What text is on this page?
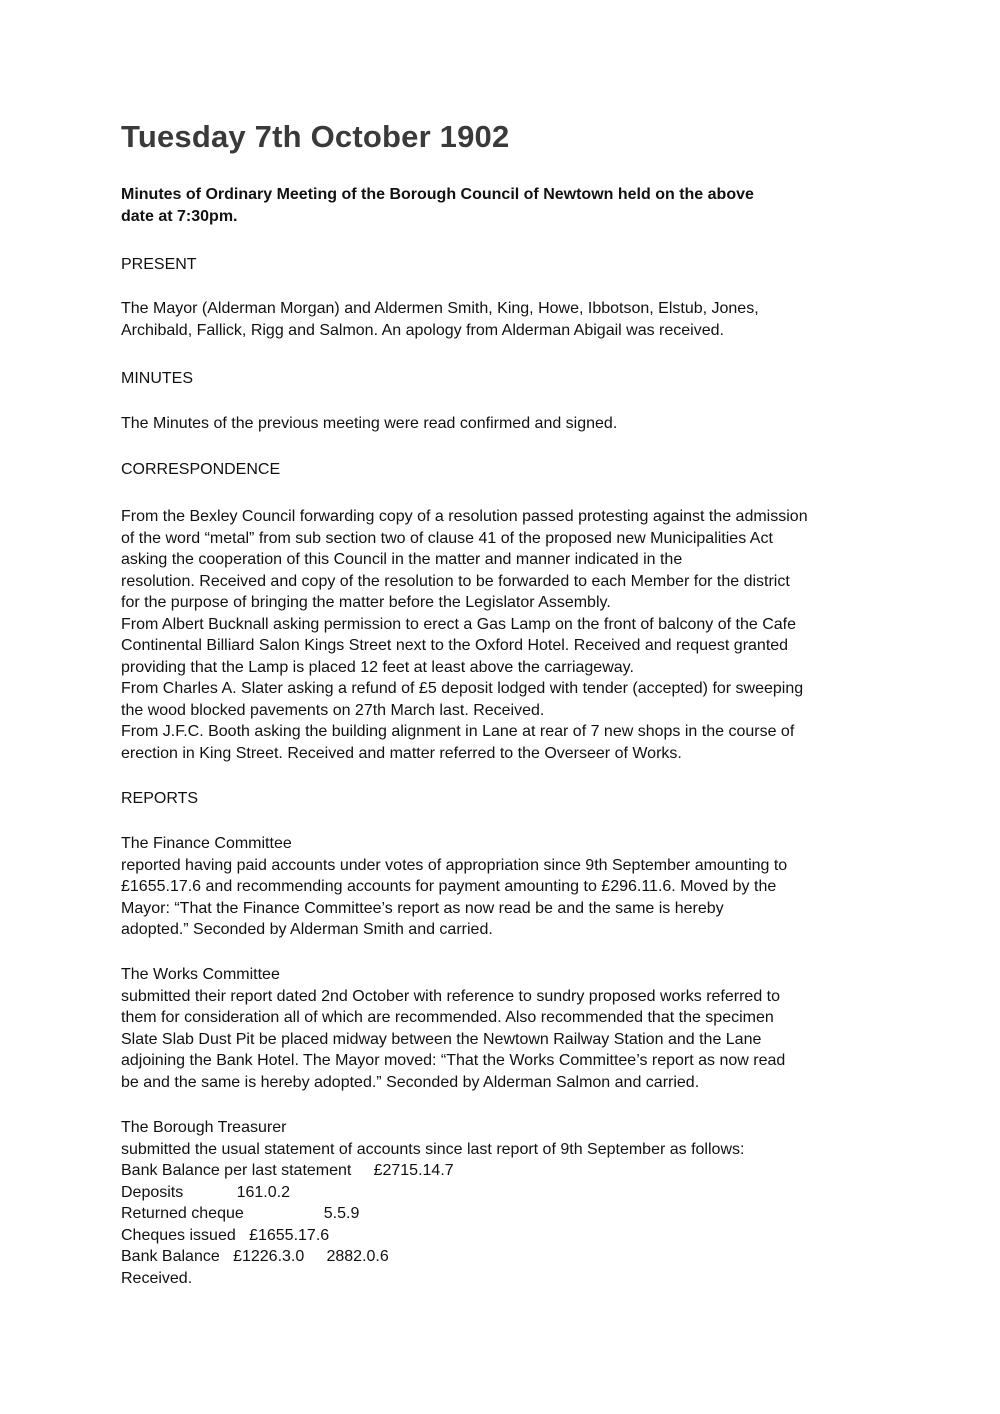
Tuesday 7th October 1902
Minutes of Ordinary Meeting of the Borough Council of Newtown held on the above
date at 7:30pm.
PRESENT
The Mayor (Alderman Morgan) and Aldermen Smith, King, Howe, Ibbotson, Elstub, Jones,
Archibald, Fallick, Rigg and Salmon. An apology from Alderman Abigail was received.
MINUTES
The Minutes of the previous meeting were read confirmed and signed.
CORRESPONDENCE
From the Bexley Council forwarding copy of a resolution passed protesting against the admission
of the word “metal” from sub section two of clause 41 of the proposed new Municipalities Act
asking the cooperation of this Council in the matter and manner indicated in the
resolution. Received and copy of the resolution to be forwarded to each Member for the district
for the purpose of bringing the matter before the Legislator Assembly.
From Albert Bucknall asking permission to erect a Gas Lamp on the front of balcony of the Cafe
Continental Billiard Salon Kings Street next to the Oxford Hotel. Received and request granted
providing that the Lamp is placed 12 feet at least above the carriageway.
From Charles A. Slater asking a refund of £5 deposit lodged with tender (accepted) for sweeping
the wood blocked pavements on 27th March last. Received.
From J.F.C. Booth asking the building alignment in Lane at rear of 7 new shops in the course of
erection in King Street. Received and matter referred to the Overseer of Works.
REPORTS
The Finance Committee
reported having paid accounts under votes of appropriation since 9th September amounting to
£1655.17.6 and recommending accounts for payment amounting to £296.11.6. Moved by the
Mayor: “That the Finance Committee’s report as now read be and the same is hereby
adopted.” Seconded by Alderman Smith and carried.
The Works Committee
submitted their report dated 2nd October with reference to sundry proposed works referred to
them for consideration all of which are recommended. Also recommended that the specimen
Slate Slab Dust Pit be placed midway between the Newtown Railway Station and the Lane
adjoining the Bank Hotel. The Mayor moved: “That the Works Committee’s report as now read
be and the same is hereby adopted.” Seconded by Alderman Salmon and carried.
The Borough Treasurer
submitted the usual statement of accounts since last report of 9th September as follows:
Bank Balance per last statement     £2715.14.7
Deposits            161.0.2
Returned cheque                  5.5.9
Cheques issued   £1655.17.6
Bank Balance   £1226.3.0     2882.0.6
Received.
